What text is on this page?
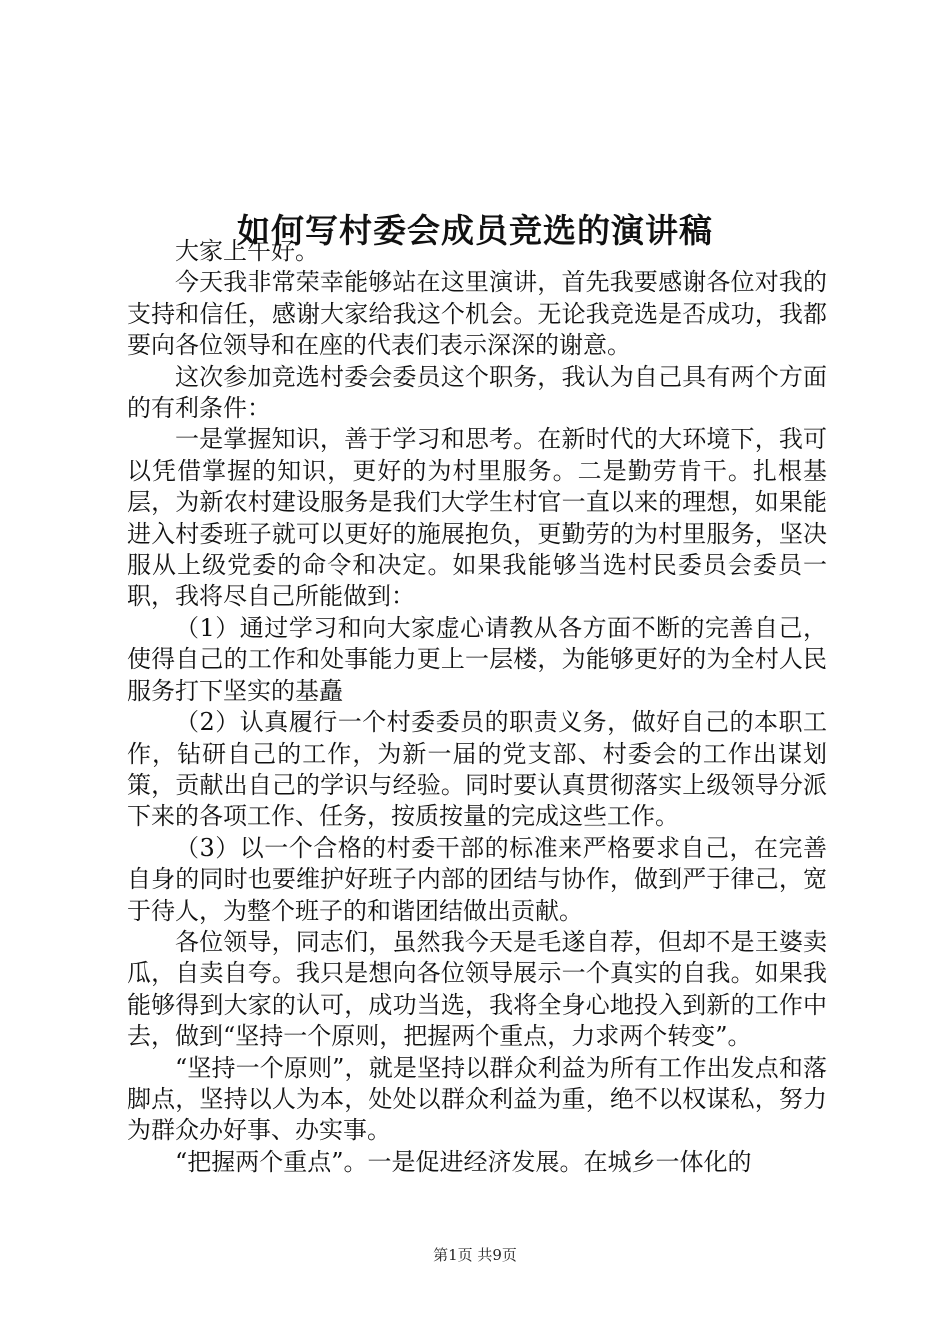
如何写村委会成员竞选的演讲稿

大家上午好。

今天我非常荣幸能够站在这里演讲，首先我要感谢各位对我的支持和信任，感谢大家给我这个机会。无论我竞选是否成功，我都要向各位领导和在座的代表们表示深深的谢意。

这次参加竞选村委会委员这个职务，我认为自己具有两个方面的有利条件：

一是掌握知识，善于学习和思考。在新时代的大环境下，我可以凭借掌握的知识，更好的为村里服务。二是勤劳肯干。扎根基层，为新农村建设服务是我们大学生村官一直以来的理想，如果能进入村委班子就可以更好的施展抱负，更勤劳的为村里服务，坚决服从上级党委的命令和决定。如果我能够当选村民委员会委员一职，我将尽自己所能做到：

（1）通过学习和向大家虚心请教从各方面不断的完善自己，使得自己的工作和处事能力更上一层楼，为能够更好的为全村人民服务打下坚实的基矗

（2）认真履行一个村委委员的职责义务，做好自己的本职工作，钻研自己的工作，为新一届的党支部、村委会的工作出谋划策，贡献出自己的学识与经验。同时要认真贯彻落实上级领导分派下来的各项工作、任务，按质按量的完成这些工作。

（3）以一个合格的村委干部的标准来严格要求自己，在完善自身的同时也要维护好班子内部的团结与协作，做到严于律己，宽于待人，为整个班子的和谐团结做出贡献。

各位领导，同志们，虽然我今天是毛遂自荐，但却不是王婆卖瓜，自卖自夸。我只是想向各位领导展示一个真实的自我。如果我能够得到大家的认可，成功当选，我将全身心地投入到新的工作中去，做到“坚持一个原则，把握两个重点，力求两个转变”。

“坚持一个原则”，就是坚持以群众利益为所有工作出发点和落脚点，坚持以人为本，处处以群众利益为重，绝不以权谋私，努力为群众办好事、办实事。

“把握两个重点”。一是促进经济发展。在城乡一体化的

第1页 共9页
